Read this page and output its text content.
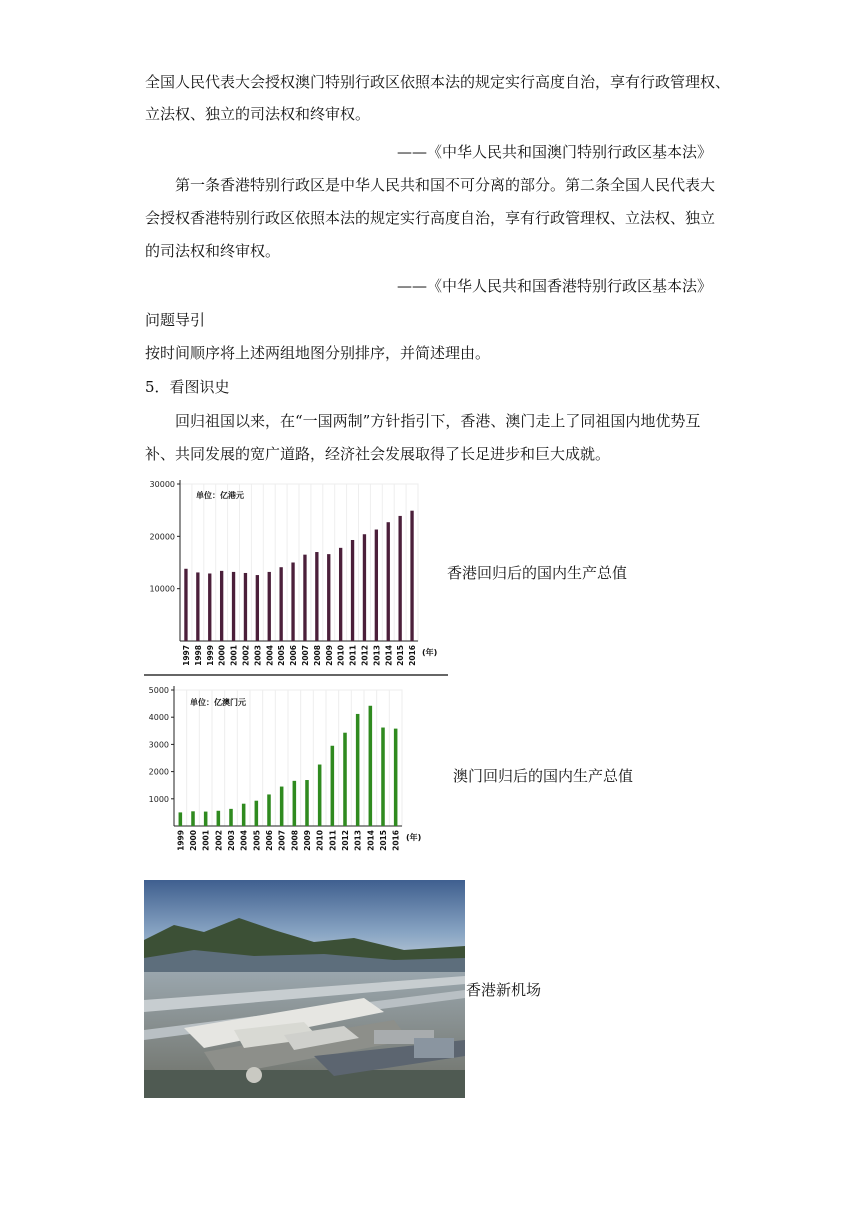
全国人民代表大会授权澳门特别行政区依照本法的规定实行高度自治，享有行政管理权、
立法权、独立的司法权和终审权。
——《中华人民共和国澳门特别行政区基本法》
第一条香港特别行政区是中华人民共和国不可分离的部分。第二条全国人民代表大
会授权香港特别行政区依照本法的规定实行高度自治，享有行政管理权、立法权、独立
的司法权和终审权。
——《中华人民共和国香港特别行政区基本法》
问题导引
按时间顺序将上述两组地图分别排序，并简述理由。
5．看图识史
回归祖国以来，在“一国两制”方针指引下，香港、澳门走上了同祖国内地优势互
补、共同发展的宽广道路，经济社会发展取得了长足进步和巨大成就。
10000
20000
30000
1997 1998 1999 2000 2001 2002 2003 2004 2005 2006 2007 2008 2009 2010 2011 2012 2013 2014 2015 2016 (年)
单位：亿港元
香港回归后的国内生产总值
1000
2000
3000
4000
5000
1999 2000 2001 2002 2003 2004 2005 2006 2007 2008 2009 2010 2011 2012 2013 2014 2015 2016 (年)
单位：亿澳门元
澳门回归后的国内生产总值
香港新机场
